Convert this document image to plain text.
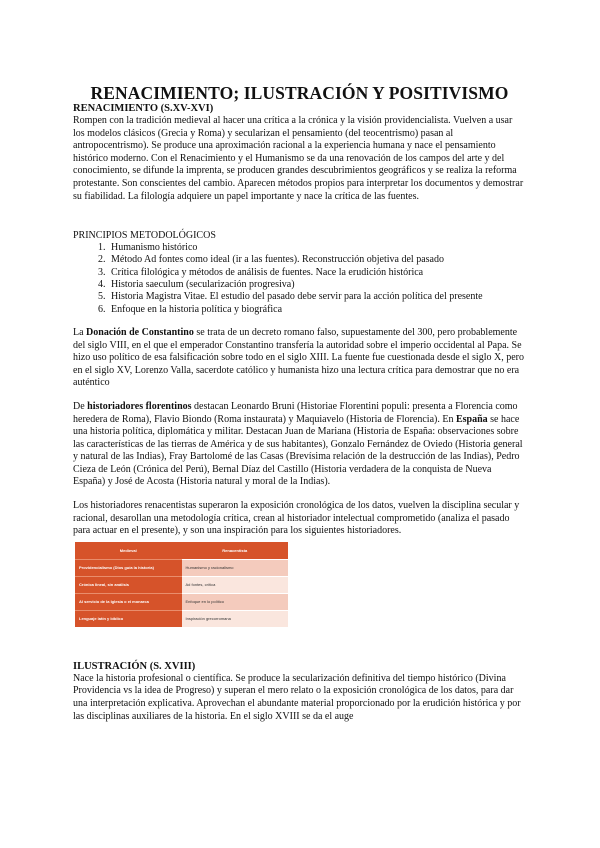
RENACIMIENTO; ILUSTRACIÓN Y POSITIVISMO
RENACIMIENTO (S.XV-XVI)

Rompen con la tradición medieval al hacer una crítica a la crónica y la visión providencialista. Vuelven a usar los modelos clásicos (Grecia y Roma) y secularizan el pensamiento (del teocentrismo) pasan al antropocentrismo). Se produce una aproximación racional a la experiencia humana y nace el pensamiento histórico moderno. Con el Renacimiento y el Humanismo se da una renovación de los campos del arte y del conocimiento, se difunde la imprenta, se producen grandes descubrimientos geográficos y se realiza la reforma protestante. Son conscientes del cambio. Aparecen métodos propios para interpretar los documentos y demostrar su fiabilidad. La filología adquiere un papel importante y nace la crítica de las fuentes.

PRINCIPIOS METODOLÓGICOS

1. Humanismo histórico
2. Método Ad fontes como ideal (ir a las fuentes). Reconstrucción objetiva del pasado
3. Crítica filológica y métodos de análisis de fuentes. Nace la erudición histórica
4. Historia saeculum (secularización progresiva)
5. Historia Magistra Vitae. El estudio del pasado debe servir para la acción política del presente
6. Enfoque en la historia política y biográfica

La Donación de Constantino se trata de un decreto romano falso, supuestamente del 300, pero probablemente del siglo VIII, en el que el emperador Constantino transfería la autoridad sobre el imperio occidental al Papa. Se hizo uso político de esa falsificación sobre todo en el siglo XIII. La fuente fue cuestionada desde el siglo X, pero en el siglo XV, Lorenzo Valla, sacerdote católico y humanista hizo una lectura crítica para demostrar que no era auténtico

De historiadores florentinos destacan Leonardo Bruni (Historiae Florentini populi: presenta a Florencia como heredera de Roma), Flavio Biondo (Roma instaurata) y Maquiavelo (Historia de Florencia). En España se hace una historia política, diplomática y militar. Destacan Juan de Mariana (Historia de España: observaciones sobre las características de las tierras de América y de sus habitantes), Gonzalo Fernández de Oviedo (Historia general y natural de las Indias), Fray Bartolomé de las Casas (Brevísima relación de la destrucción de las Indias), Pedro Cieza de León (Crónica del Perú), Bernal Díaz del Castillo (Historia verdadera de la conquista de Nueva España) y José de Acosta (Historia natural y moral de la Indias).

Los historiadores renacentistas superaron la exposición cronológica de los datos, vuelven la disciplina secular y racional, desarollan una metodología crítica, crean al historiador intelectual comprometido (analiza el pasado para actuar en el presente), y son una inspiración para los siguientes historiadores.

Medieval	Renacentista
Providencialismo (Dios guía la historia)	Humanismo y racionalismo
Crónica lineal, sin análisis	Ad fontes, crítica
Al servicio de la Iglesia o el monarca	Enfoque en lo político
Lenguaje latín y bíblico	Inspiración grecorromana
ILUSTRACIÓN (S. XVIII)

Nace la historia profesional o científica. Se produce la secularización definitiva del tiempo histórico (Divina Providencia vs la idea de Progreso) y superan el mero relato o la exposición cronológica de los datos, para dar una interpretación explicativa. Aprovechan el abundante material proporcionado por la erudición histórica y por las disciplinas auxiliares de la historia. En el siglo XVIII se da el auge
